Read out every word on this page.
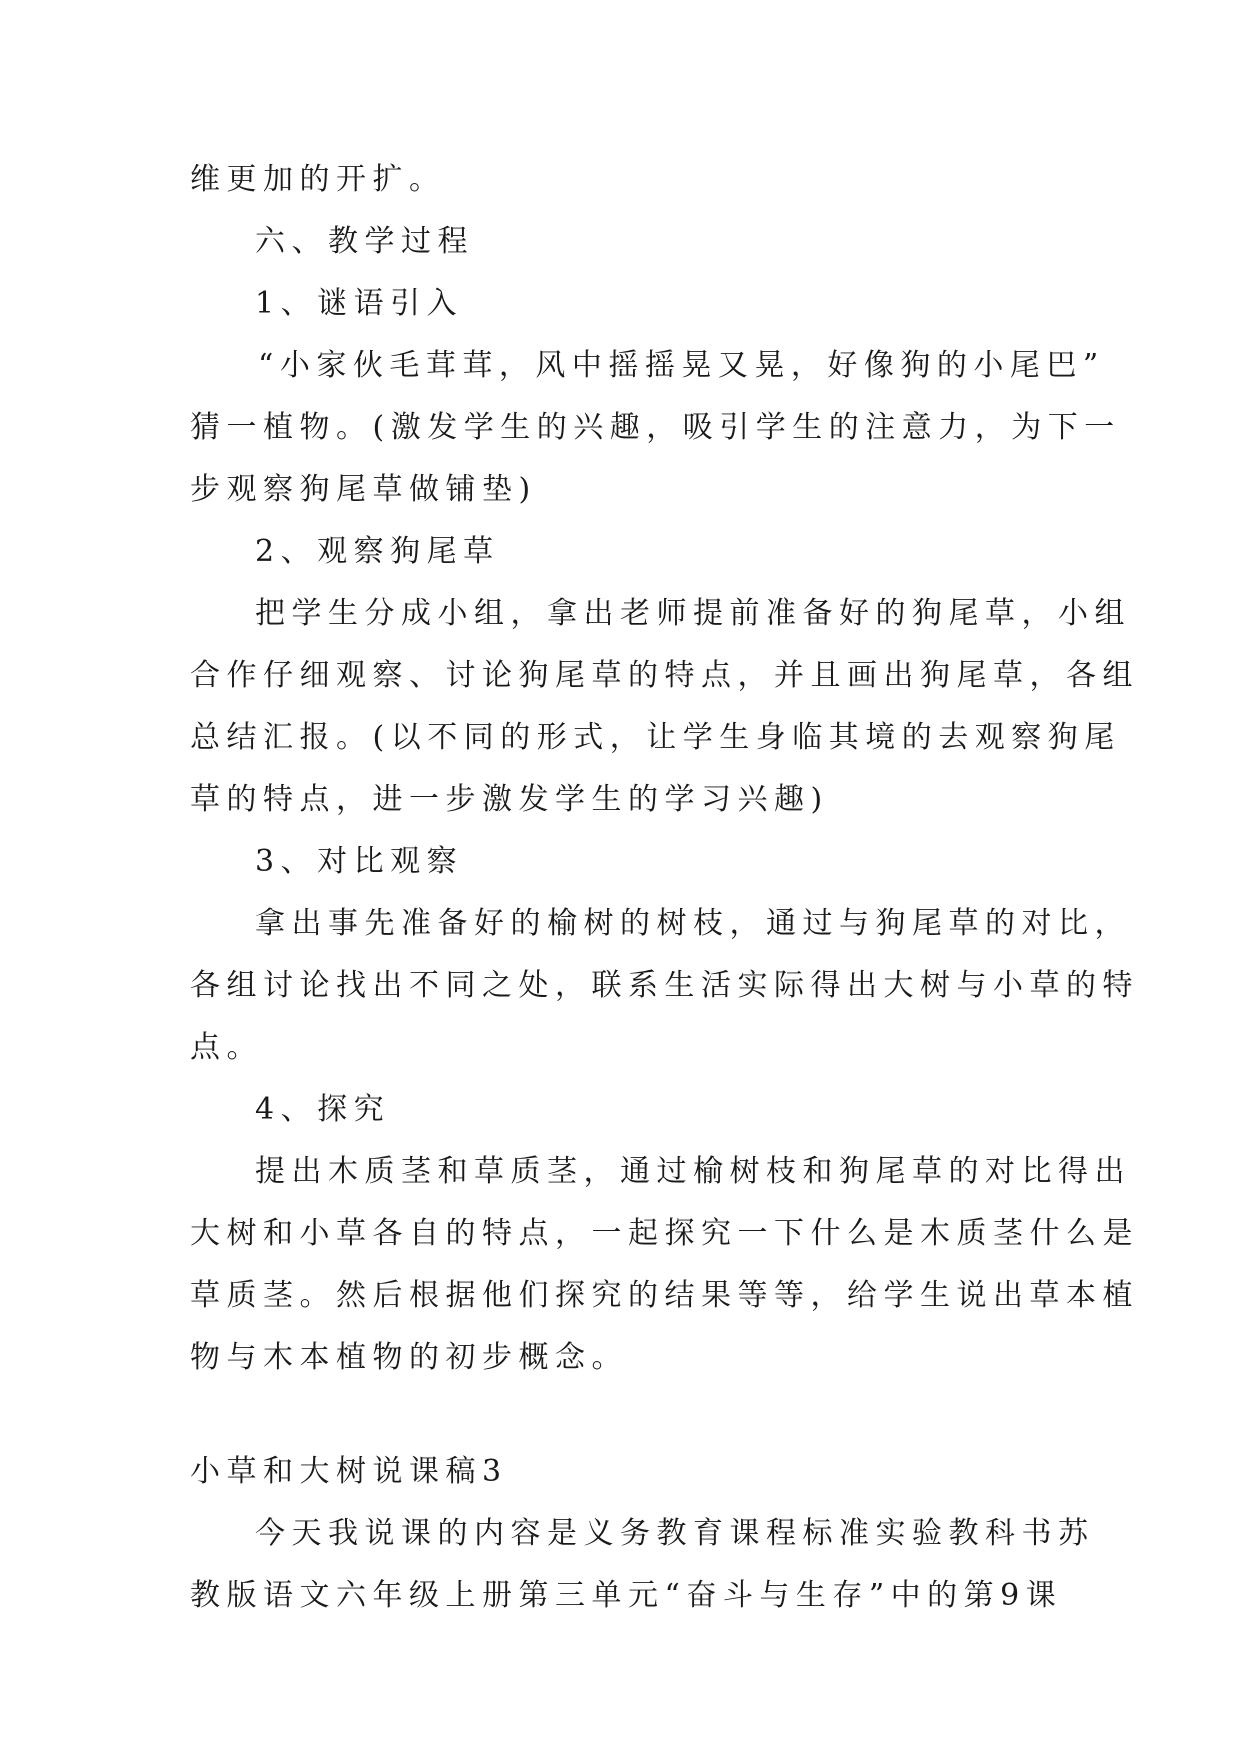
维更加的开扩。
六、教学过程
1、谜语引入
“小家伙毛茸茸，风中摇摇晃又晃，好像狗的小尾巴”
猜一植物。(激发学生的兴趣，吸引学生的注意力，为下一
步观察狗尾草做铺垫)
2、观察狗尾草
把学生分成小组，拿出老师提前准备好的狗尾草，小组
合作仔细观察、讨论狗尾草的特点，并且画出狗尾草，各组
总结汇报。(以不同的形式，让学生身临其境的去观察狗尾
草的特点，进一步激发学生的学习兴趣)
3、对比观察
拿出事先准备好的榆树的树枝，通过与狗尾草的对比，
各组讨论找出不同之处，联系生活实际得出大树与小草的特
点。
4、探究
提出木质茎和草质茎，通过榆树枝和狗尾草的对比得出
大树和小草各自的特点，一起探究一下什么是木质茎什么是
草质茎。然后根据他们探究的结果等等，给学生说出草本植
物与木本植物的初步概念。
小草和大树说课稿3
今天我说课的内容是义务教育课程标准实验教科书苏
教版语文六年级上册第三单元“奋斗与生存”中的第9课
